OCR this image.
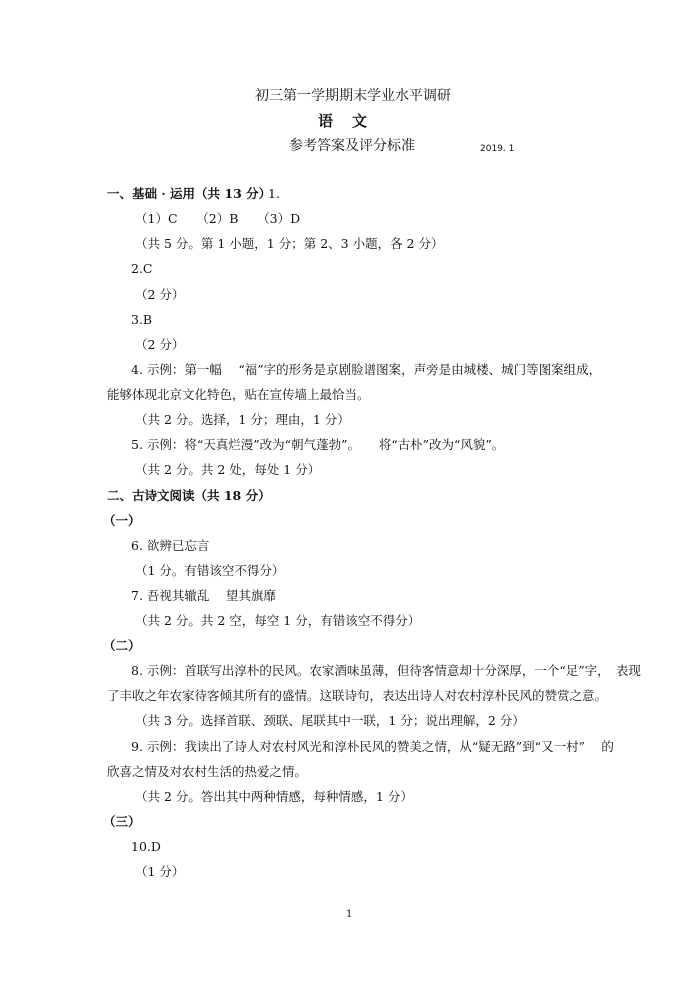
初三第一学期期末学业水平调研
语　文
参考答案及评分标准	2019. 1
一、基础 · 运用（共 13 分）
1.
（1）C　　（2）B　　（3）D
（共 5 分。第 1 小题，1 分；第 2、3 小题，各 2 分）
2.C
（2 分）
3.B
（2 分）
4. 示例：第一幅　 “福”字的形务是京剧脸谱图案，声旁是由城楼、城门等图案组成，
能够体现北京文化特色，贴在宣传墙上最恰当。
（共 2 分。选择，1 分；理由，1 分）
5. 示例：将“天真烂漫”改为“朝气蓬勃”。　　将“古朴”改为“风貌”。
（共 2 分。共 2 处，每处 1 分）
二、古诗文阅读（共 18 分）
（一）
6. 欲辨已忘言
（1 分。有错该空不得分）
7. 吾视其辙乱　 望其旗靡
（共 2 分。共 2 空，每空 1 分，有错该空不得分）
（二）
8. 示例：首联写出淳朴的民风。农家酒味虽薄，但待客情意却十分深厚，一个“足”字，　表现
了丰收之年农家待客倾其所有的盛情。这联诗句，表达出诗人对农村淳朴民风的赞赏之意。
（共 3 分。选择首联、颈联、尾联其中一联，1 分；说出理解，2 分）
9. 示例：我读出了诗人对农村风光和淳朴民风的赞美之情，从“疑无路”到“又一村”　 的
欣喜之情及对农村生活的热爱之情。
（共 2 分。答出其中两种情感，每种情感，1 分）
（三）
10.D
（1 分）
1
